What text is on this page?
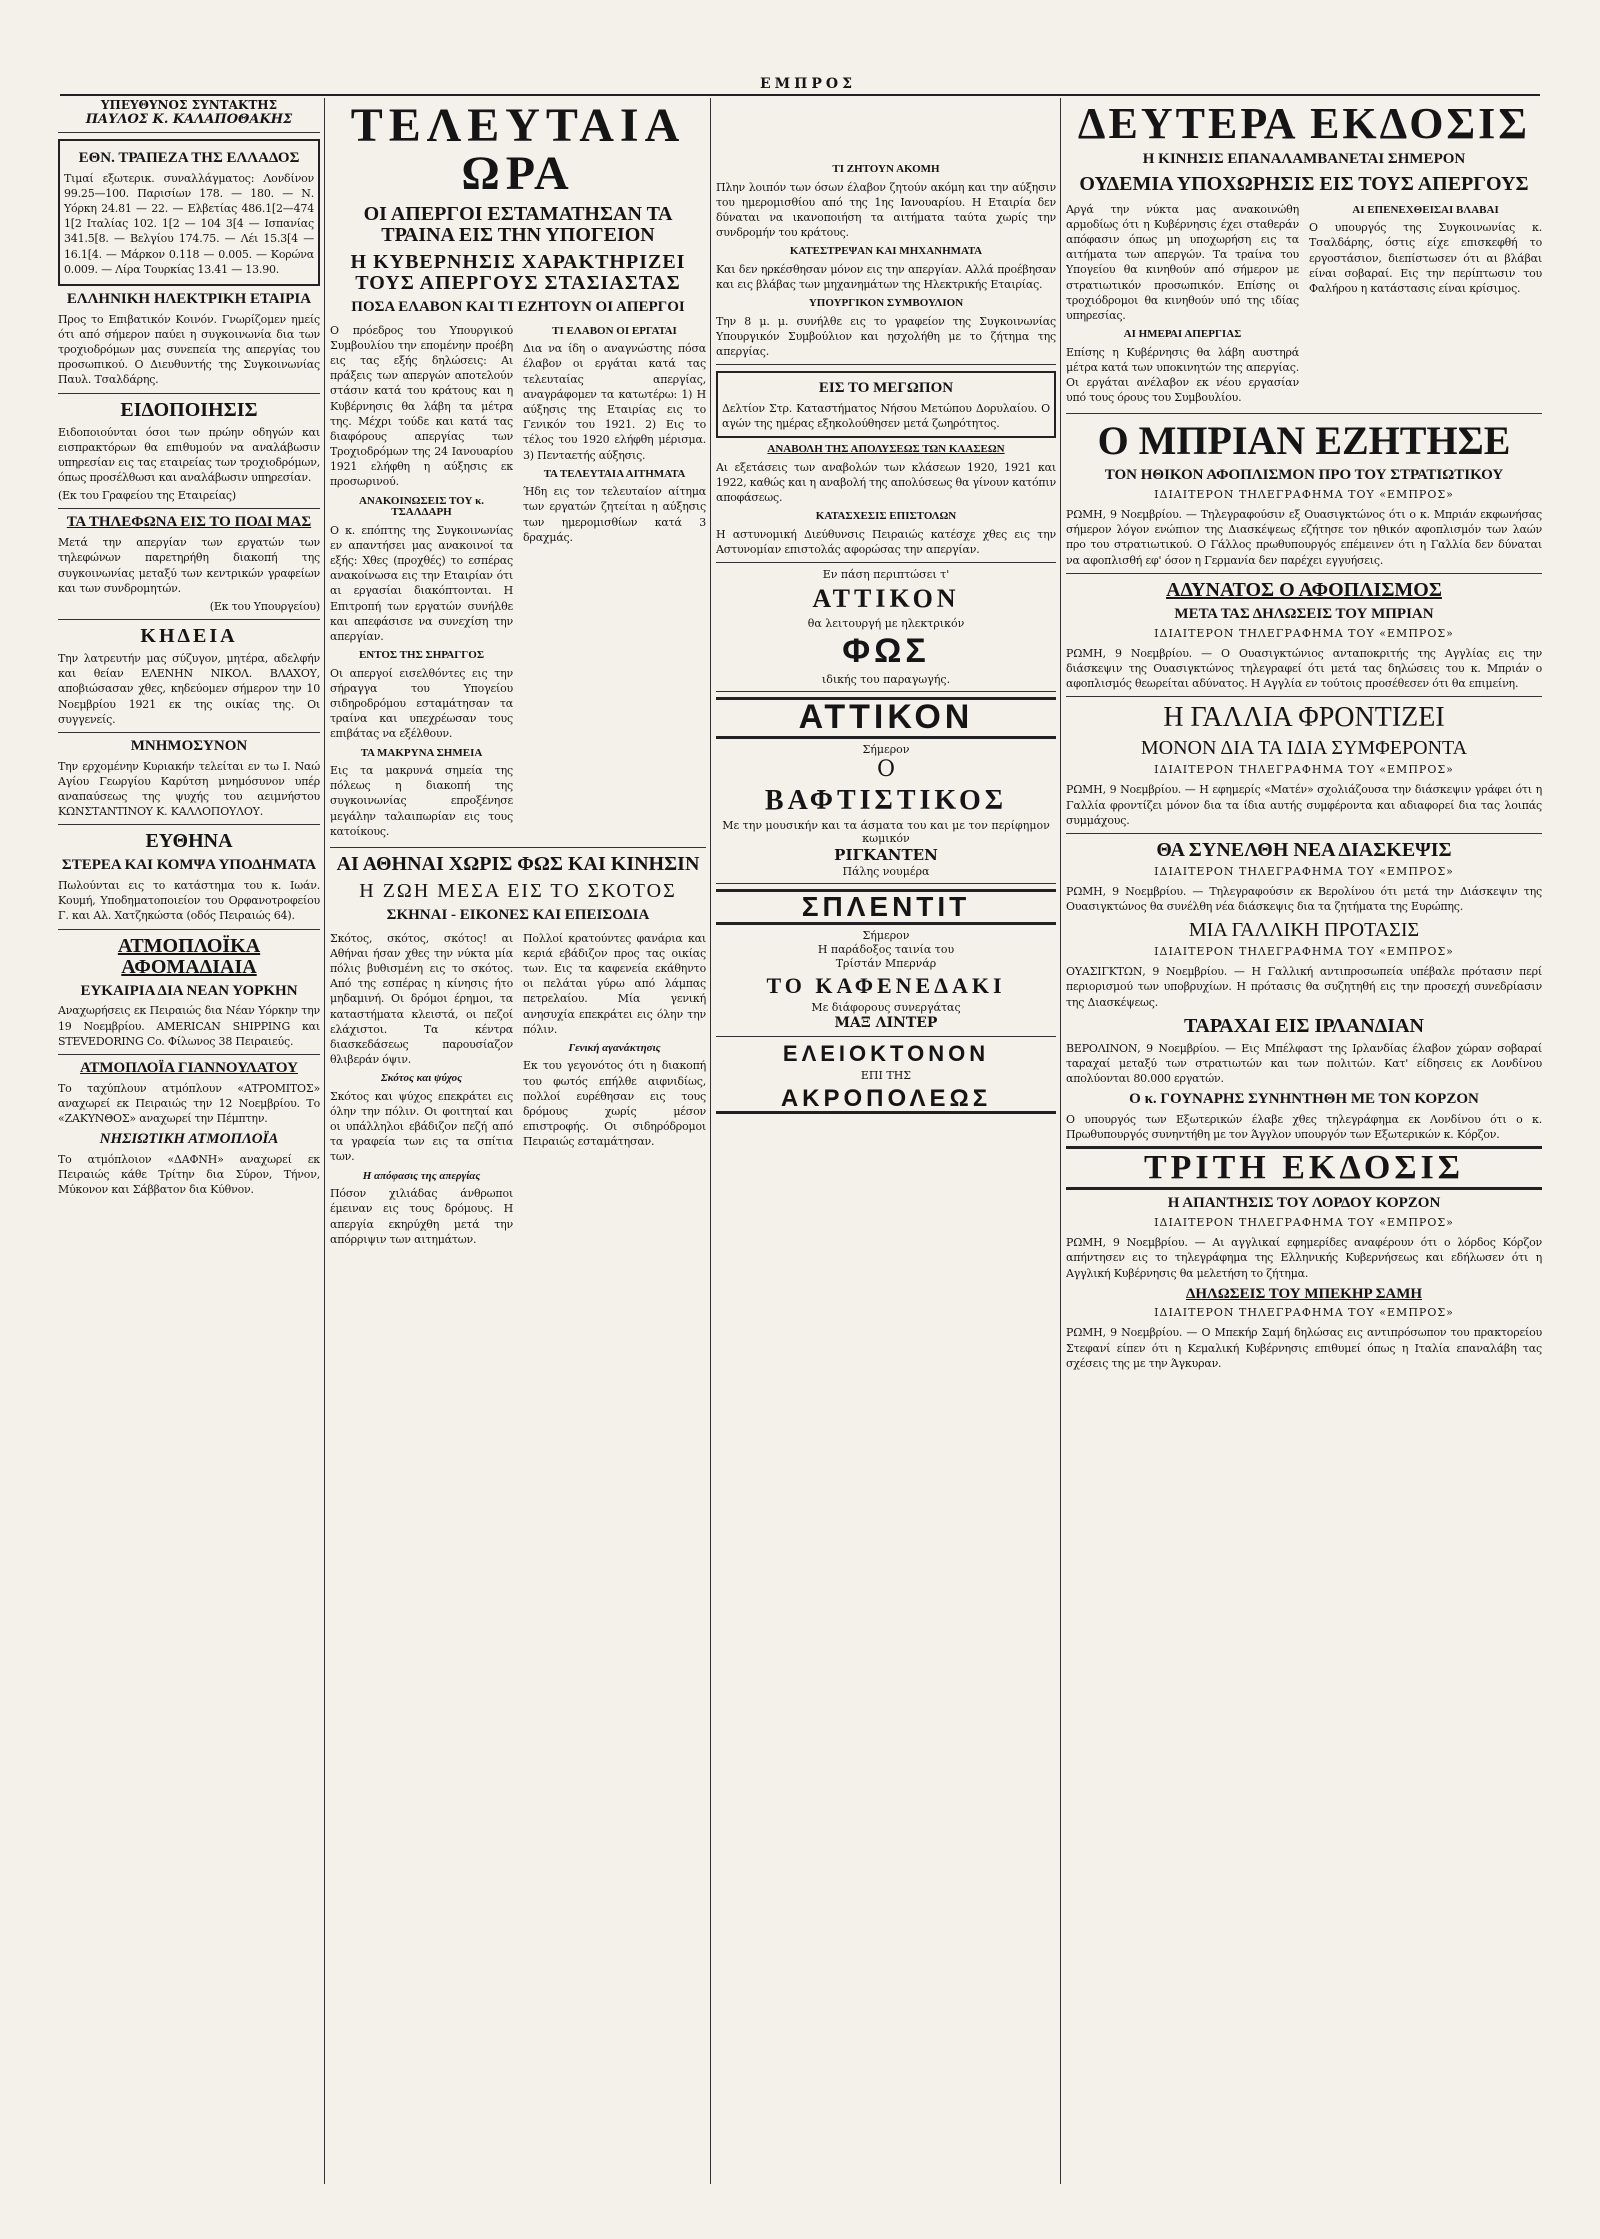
ΕΜΠΡΟΣ
ΥΠΕΥΘΥΝΟΣ ΣΥΝΤΑΚΤΗΣ
ΠΑΥΛΟΣ Κ. ΚΑΛΑΠΟΘΑΚΗΣ
ΕΘΝ. ΤΡΑΠΕΖΑ ΤΗΣ ΕΛΛΑΔΟΣ

Τιμαί εξωτερικ. συναλλάγματος: Λονδίνον 99.25—100. Παρισίων 178. — 180. — Ν. Υόρκη 24.81 — 22. — Ελβετίας 486.1[2—474 1[2 Ιταλίας 102. 1[2 — 104 3[4 — Ισπανίας 341.5[8. — Βελγίου 174.75. — Λέι 15.3[4 — 16.1[4. — Μάρκον 0.118 — 0.005. — Κορώνα 0.009. — Λίρα Τουρκίας 13.41 — 13.90.

ΕΛΛΗΝΙΚΗ ΗΛΕΚΤΡΙΚΗ ΕΤΑΙΡΙΑ

Προς το Επιβατικόν Κοινόν. Γνωρίζομεν ημείς ότι από σήμερον παύει η συγκοινωνία δια των τροχιοδρόμων μας συνεπεία της απεργίας του προσωπικού. Ο Διευθυντής της Συγκοινωνίας Παυλ. Τσαλδάρης.

ΕΙΔΟΠΟΙΗΣΙΣ

Ειδοποιούνται όσοι των πρώην οδηγών και εισπρακτόρων θα επιθυμούν να αναλάβωσιν υπηρεσίαν εις τας εταιρείας των τροχιοδρόμων, όπως προσέλθωσι και αναλάβωσιν υπηρεσίαν.

(Εκ του Γραφείου της Εταιρείας)

ΤΑ ΤΗΛΕΦΩΝΑ ΕΙΣ ΤΟ ΠΟΔΙ ΜΑΣ

Μετά την απεργίαν των εργατών των τηλεφώνων παρετηρήθη διακοπή της συγκοινωνίας μεταξύ των κεντρικών γραφείων και των συνδρομητών.

(Εκ του Υπουργείου)

ΚΗΔΕΙΑ

Την λατρευτήν μας σύζυγον, μητέρα, αδελφήν και θείαν ΕΛΕΝΗΝ ΝΙΚΟΛ. ΒΛΑΧΟΥ, αποβιώσασαν χθες, κηδεύομεν σήμερον την 10 Νοεμβρίου 1921 εκ της οικίας της. Οι συγγενείς.

ΜΝΗΜΟΣΥΝΟΝ

Την ερχομένην Κυριακήν τελείται εν τω Ι. Ναώ Αγίου Γεωργίου Καρύτση μνημόσυνον υπέρ αναπαύσεως της ψυχής του αειμνήστου ΚΩΝΣΤΑΝΤΙΝΟΥ Κ. ΚΑΛΛΟΠΟΥΛΟΥ.

ΕΥΘΗΝΑ
ΣΤΕΡΕΑ ΚΑΙ ΚΟΜΨΑ ΥΠΟΔΗΜΑΤΑ

Πωλούνται εις το κατάστημα του κ. Ιωάν. Κουμή, Υποδηματοποιείον του Ορφανοτροφείου Γ. και Αλ. Χατζηκώστα (οδός Πειραιώς 64).

ΑΤΜΟΠΛΟΪΚΑ ΑΦΟΜΑΔΙΑΙΑ
ΕΥΚΑΙΡΙΑ ΔΙΑ ΝΕΑΝ ΥΟΡΚΗΝ

Αναχωρήσεις εκ Πειραιώς δια Νέαν Υόρκην την 19 Νοεμβρίου. AMERICAN SHIPPING και STEVEDORING Co. Φίλωνος 38 Πειραιεύς.

ΑΤΜΟΠΛΟΪΑ ΓΙΑΝΝΟΥΛΑΤΟΥ

Το ταχύπλουν ατμόπλουν «ΑΤΡΟΜΙΤΟΣ» αναχωρεί εκ Πειραιώς την 12 Νοεμβρίου. Το «ΖΑΚΥΝΘΟΣ» αναχωρεί την Πέμπτην.

ΝΗΣΙΩΤΙΚΗ ΑΤΜΟΠΛΟΪΑ

Το ατμόπλοιον «ΔΑΦΝΗ» αναχωρεί εκ Πειραιώς κάθε Τρίτην δια Σύρον, Τήνον, Μύκονον και Σάββατον δια Κύθνον.

ΤΕΛΕΥΤΑΙΑ ΩΡΑ
ΟΙ ΑΠΕΡΓΟΙ ΕΣΤΑΜΑΤΗΣΑΝ ΤΑ ΤΡΑΙΝΑ ΕΙΣ ΤΗΝ ΥΠΟΓΕΙΟΝ
Η ΚΥΒΕΡΝΗΣΙΣ ΧΑΡΑΚΤΗΡΙΖΕΙ ΤΟΥΣ ΑΠΕΡΓΟΥΣ ΣΤΑΣΙΑΣΤΑΣ
ΠΟΣΑ ΕΛΑΒΟΝ ΚΑΙ ΤΙ ΕΖΗΤΟΥΝ ΟΙ ΑΠΕΡΓΟΙ

Ο πρόεδρος του Υπουργικού Συμβουλίου την επομένην προέβη εις τας εξής δηλώσεις: Αι πράξεις των απεργών αποτελούν στάσιν κατά του κράτους και η Κυβέρνησις θα λάβη τα μέτρα της. Μέχρι τούδε και κατά τας διαφόρους απεργίας των Τροχιοδρόμων της 24 Ιανουαρίου 1921 ελήφθη η αύξησις εκ προσωρινού.

ΑΝΑΚΟΙΝΩΣΕΙΣ ΤΟΥ κ. ΤΣΑΛΔΑΡΗ

Ο κ. επόπτης της Συγκοινωνίας εν απαντήσει μας ανακοινοί τα εξής: Χθες (προχθές) το εσπέρας ανακοίνωσα εις την Εταιρίαν ότι αι εργασίαι διακόπτονται. Η Επιτροπή των εργατών συνήλθε και απεφάσισε να συνεχίση την απεργίαν.

ΕΝΤΟΣ ΤΗΣ ΣΗΡΑΓΓΟΣ

Οι απεργοί εισελθόντες εις την σήραγγα του Υπογείου σιδηροδρόμου εσταμάτησαν τα τραίνα και υπεχρέωσαν τους επιβάτας να εξέλθουν.

ΤΑ ΜΑΚΡΥΝΑ ΣΗΜΕΙΑ

Εις τα μακρυνά σημεία της πόλεως η διακοπή της συγκοινωνίας επροξένησε μεγάλην ταλαιπωρίαν εις τους κατοίκους.

ΤΙ ΕΛΑΒΟΝ ΟΙ ΕΡΓΑΤΑΙ

Δια να ίδη ο αναγνώστης πόσα έλαβον οι εργάται κατά τας τελευταίας απεργίας, αναγράφομεν τα κατωτέρω: 1) Η αύξησις της Εταιρίας εις το Γενικόν του 1921. 2) Εις το τέλος του 1920 ελήφθη μέρισμα. 3) Πενταετής αύξησις.

ΤΑ ΤΕΛΕΥΤΑΙΑ ΑΙΤΗΜΑΤΑ

Ήδη εις τον τελευταίον αίτημα των εργατών ζητείται η αύξησις των ημερομισθίων κατά 3 δραχμάς.

ΑΙ ΑΘΗΝΑΙ ΧΩΡΙΣ ΦΩΣ ΚΑΙ ΚΙΝΗΣΙΝ
Η ΖΩΗ ΜΕΣΑ ΕΙΣ ΤΟ ΣΚΟΤΟΣ
ΣΚΗΝΑΙ - ΕΙΚΟΝΕΣ ΚΑΙ ΕΠΕΙΣΟΔΙΑ

Σκότος, σκότος, σκότος! αι Αθήναι ήσαν χθες την νύκτα μία πόλις βυθισμένη εις το σκότος. Από της εσπέρας η κίνησις ήτο μηδαμινή. Οι δρόμοι έρημοι, τα καταστήματα κλειστά, οι πεζοί ελάχιστοι. Τα κέντρα διασκεδάσεως παρουσίαζον θλιβεράν όψιν.

Σκότος και ψύχος

Σκότος και ψύχος επεκράτει εις όλην την πόλιν. Οι φοιτηταί και οι υπάλληλοι εβάδιζον πεζή από τα γραφεία των εις τα σπίτια των.

Η απόφασις της απεργίας

Πόσον χιλιάδας άνθρωποι έμειναν εις τους δρόμους. Η απεργία εκηρύχθη μετά την απόρριψιν των αιτημάτων.

Πολλοί κρατούντες φανάρια και κεριά εβάδιζον προς τας οικίας των. Εις τα καφενεία εκάθηντο οι πελάται γύρω από λάμπας πετρελαίου. Μία γενική ανησυχία επεκράτει εις όλην την πόλιν.

Γενική αγανάκτησις

Εκ του γεγονότος ότι η διακοπή του φωτός επήλθε αιφνιδίως, πολλοί ευρέθησαν εις τους δρόμους χωρίς μέσον επιστροφής. Οι σιδηρόδρομοι Πειραιώς εσταμάτησαν.

ΤΙ ΖΗΤΟΥΝ ΑΚΟΜΗ

Πλην λοιπόν των όσων έλαβον ζητούν ακόμη και την αύξησιν του ημερομισθίου από της 1ης Ιανουαρίου. Η Εταιρία δεν δύναται να ικανοποιήση τα αιτήματα ταύτα χωρίς την συνδρομήν του κράτους.

ΚΑΤΕΣΤΡΕΨΑΝ ΚΑΙ ΜΗΧΑΝΗΜΑΤΑ

Και δεν ηρκέσθησαν μόνον εις την απεργίαν. Αλλά προέβησαν και εις βλάβας των μηχανημάτων της Ηλεκτρικής Εταιρίας.

ΥΠΟΥΡΓΙΚΟΝ ΣΥΜΒΟΥΛΙΟΝ

Την 8 μ. μ. συνήλθε εις το γραφείον της Συγκοινωνίας Υπουργικόν Συμβούλιον και ησχολήθη με το ζήτημα της απεργίας.

ΕΙΣ ΤΟ ΜΕΓΩΠΟΝ

Δελτίον Στρ. Καταστήματος Νήσου Μετώπου Δορυλαίου. Ο αγών της ημέρας εξηκολούθησεν μετά ζωηρότητος.

ΑΝΑΒΟΛΗ ΤΗΣ ΑΠΟΛΥΣΕΩΣ ΤΩΝ ΚΛΑΣΕΩΝ

Αι εξετάσεις των αναβολών των κλάσεων 1920, 1921 και 1922, καθώς και η αναβολή της απολύσεως θα γίνουν κατόπιν αποφάσεως.

ΚΑΤΑΣΧΕΣΙΣ ΕΠΙΣΤΟΛΩΝ

Η αστυνομική Διεύθυνσις Πειραιώς κατέσχε χθες εις την Αστυνομίαν επιστολάς αφορώσας την απεργίαν.

Εν πάση περιπτώσει τ'

ΑΤΤΙΚΟΝ

θα λειτουργή με ηλεκτρικόν

ΦΩΣ

ιδικής του παραγωγής.

ΑΤΤΙΚΟΝ

Σήμερον

Ο

ΒΑΦΤΙΣΤΙΚΟΣ

Με την μουσικήν και τα άσματα του και με τον περίφημον κωμικόν

ΡΙΓΚΑΝΤΕΝ

Πάλης νουμέρα

ΣΠΛΕΝΤΙΤ

Σήμερον

Η παράδοξος ταινία του

Τρίστάν Μπερνάρ

ΤΟ ΚΑΦΕΝΕΔΑΚΙ

Με διάφορους συνεργάτας

ΜΑΞ ΛΙΝΤΕΡ

ΕΛΕΙΟΚΤΟΝΟΝ

ΕΠΙ ΤΗΣ

ΑΚΡΟΠΟΛΕΩΣ
ΔΕΥΤΕΡΑ ΕΚΔΟΣΙΣ
Η ΚΙΝΗΣΙΣ ΕΠΑΝΑΛΑΜΒΑΝΕΤΑΙ ΣΗΜΕΡΟΝ
ΟΥΔΕΜΙΑ ΥΠΟΧΩΡΗΣΙΣ ΕΙΣ ΤΟΥΣ ΑΠΕΡΓΟΥΣ

Αργά την νύκτα μας ανακοινώθη αρμοδίως ότι η Κυβέρνησις έχει σταθεράν απόφασιν όπως μη υποχωρήση εις τα αιτήματα των απεργών. Τα τραίνα του Υπογείου θα κινηθούν από σήμερον με στρατιωτικόν προσωπικόν. Επίσης οι τροχιόδρομοι θα κινηθούν υπό της ιδίας υπηρεσίας.

ΑΙ ΗΜΕΡΑΙ ΑΠΕΡΓΙΑΣ

Επίσης η Κυβέρνησις θα λάβη αυστηρά μέτρα κατά των υποκινητών της απεργίας. Οι εργάται ανέλαβον εκ νέου εργασίαν υπό τους όρους του Συμβουλίου.

ΑΙ ΕΠΕΝΕΧΘΕΙΣΑΙ ΒΛΑΒΑΙ

Ο υπουργός της Συγκοινωνίας κ. Τσαλδάρης, όστις είχε επισκεφθή το εργοστάσιον, διεπίστωσεν ότι αι βλάβαι είναι σοβαραί. Εις την περίπτωσιν του Φαλήρου η κατάστασις είναι κρίσιμος.

Ο ΜΠΡΙΑΝ ΕΖΗΤΗΣΕ
ΤΟΝ ΗΘΙΚΟΝ ΑΦΟΠΛΙΣΜΟΝ ΠΡΟ ΤΟΥ ΣΤΡΑΤΙΩΤΙΚΟΥ
ΙΔΙΑΙΤΕΡΟΝ ΤΗΛΕΓΡΑΦΗΜΑ ΤΟΥ «ΕΜΠΡΟΣ»

ΡΩΜΗ, 9 Νοεμβρίου. — Τηλεγραφούσιν εξ Ουασιγκτώνος ότι ο κ. Μπριάν εκφωνήσας σήμερον λόγον ενώπιον της Διασκέψεως εζήτησε τον ηθικόν αφοπλισμόν των λαών προ του στρατιωτικού. Ο Γάλλος πρωθυπουργός επέμεινεν ότι η Γαλλία δεν δύναται να αφοπλισθή εφ' όσον η Γερμανία δεν παρέχει εγγυήσεις.

ΑΔΥΝΑΤΟΣ Ο ΑΦΟΠΛΙΣΜΟΣ
ΜΕΤΑ ΤΑΣ ΔΗΛΩΣΕΙΣ ΤΟΥ ΜΠΡΙΑΝ
ΙΔΙΑΙΤΕΡΟΝ ΤΗΛΕΓΡΑΦΗΜΑ ΤΟΥ «ΕΜΠΡΟΣ»

ΡΩΜΗ, 9 Νοεμβρίου. — Ο Ουασιγκτώνιος ανταποκριτής της Αγγλίας εις την διάσκεψιν της Ουασιγκτώνος τηλεγραφεί ότι μετά τας δηλώσεις του κ. Μπριάν ο αφοπλισμός θεωρείται αδύνατος. Η Αγγλία εν τούτοις προσέθεσεν ότι θα επιμείνη.

Η ΓΑΛΛΙΑ ΦΡΟΝΤΙΖΕΙ
ΜΟΝΟΝ ΔΙΑ ΤΑ ΙΔΙΑ ΣΥΜΦΕΡΟΝΤΑ
ΙΔΙΑΙΤΕΡΟΝ ΤΗΛΕΓΡΑΦΗΜΑ ΤΟΥ «ΕΜΠΡΟΣ»

ΡΩΜΗ, 9 Νοεμβρίου. — Η εφημερίς «Ματέν» σχολιάζουσα την διάσκεψιν γράφει ότι η Γαλλία φροντίζει μόνον δια τα ίδια αυτής συμφέροντα και αδιαφορεί δια τας λοιπάς συμμάχους.

ΘΑ ΣΥΝΕΛΘΗ ΝΕΑ ΔΙΑΣΚΕΨΙΣ
ΙΔΙΑΙΤΕΡΟΝ ΤΗΛΕΓΡΑΦΗΜΑ ΤΟΥ «ΕΜΠΡΟΣ»

ΡΩΜΗ, 9 Νοεμβρίου. — Τηλεγραφούσιν εκ Βερολίνου ότι μετά την Διάσκεψιν της Ουασιγκτώνος θα συνέλθη νέα διάσκεψις δια τα ζητήματα της Ευρώπης.

ΜΙΑ ΓΑΛΛΙΚΗ ΠΡΟΤΑΣΙΣ
ΙΔΙΑΙΤΕΡΟΝ ΤΗΛΕΓΡΑΦΗΜΑ ΤΟΥ «ΕΜΠΡΟΣ»

ΟΥΑΣΙΓΚΤΩΝ, 9 Νοεμβρίου. — Η Γαλλική αντιπροσωπεία υπέβαλε πρότασιν περί περιορισμού των υποβρυχίων. Η πρότασις θα συζητηθή εις την προσεχή συνεδρίασιν της Διασκέψεως.

ΤΑΡΑΧΑΙ ΕΙΣ ΙΡΛΑΝΔΙΑΝ

ΒΕΡΟΛΙΝΟΝ, 9 Νοεμβρίου. — Εις Μπέλφαστ της Ιρλανδίας έλαβον χώραν σοβαραί ταραχαί μεταξύ των στρατιωτών και των πολιτών. Κατ' είδησεις εκ Λονδίνου απολύονται 80.000 εργατών.

Ο κ. ΓΟΥΝΑΡΗΣ ΣΥΝΗΝΤΗΘΗ ΜΕ ΤΟΝ ΚΟΡΖΟΝ

Ο υπουργός των Εξωτερικών έλαβε χθες τηλεγράφημα εκ Λονδίνου ότι ο κ. Πρωθυπουργός συνηντήθη με τον Άγγλον υπουργόν των Εξωτερικών κ. Κόρζον.

ΤΡΙΤΗ ΕΚΔΟΣΙΣ
Η ΑΠΑΝΤΗΣΙΣ ΤΟΥ ΛΟΡΔΟΥ ΚΟΡΖΟΝ
ΙΔΙΑΙΤΕΡΟΝ ΤΗΛΕΓΡΑΦΗΜΑ ΤΟΥ «ΕΜΠΡΟΣ»

ΡΩΜΗ, 9 Νοεμβρίου. — Αι αγγλικαί εφημερίδες αναφέρουν ότι ο λόρδος Κόρζον απήντησεν εις το τηλεγράφημα της Ελληνικής Κυβερνήσεως και εδήλωσεν ότι η Αγγλική Κυβέρνησις θα μελετήση το ζήτημα.

ΔΗΛΩΣΕΙΣ ΤΟΥ ΜΠΕΚΗΡ ΣΑΜΗ
ΙΔΙΑΙΤΕΡΟΝ ΤΗΛΕΓΡΑΦΗΜΑ ΤΟΥ «ΕΜΠΡΟΣ»

ΡΩΜΗ, 9 Νοεμβρίου. — Ο Μπεκήρ Σαμή δηλώσας εις αντιπρόσωπον του πρακτορείου Στεφανί είπεν ότι η Κεμαλική Κυβέρνησις επιθυμεί όπως η Ιταλία επαναλάβη τας σχέσεις της με την Άγκυραν.
